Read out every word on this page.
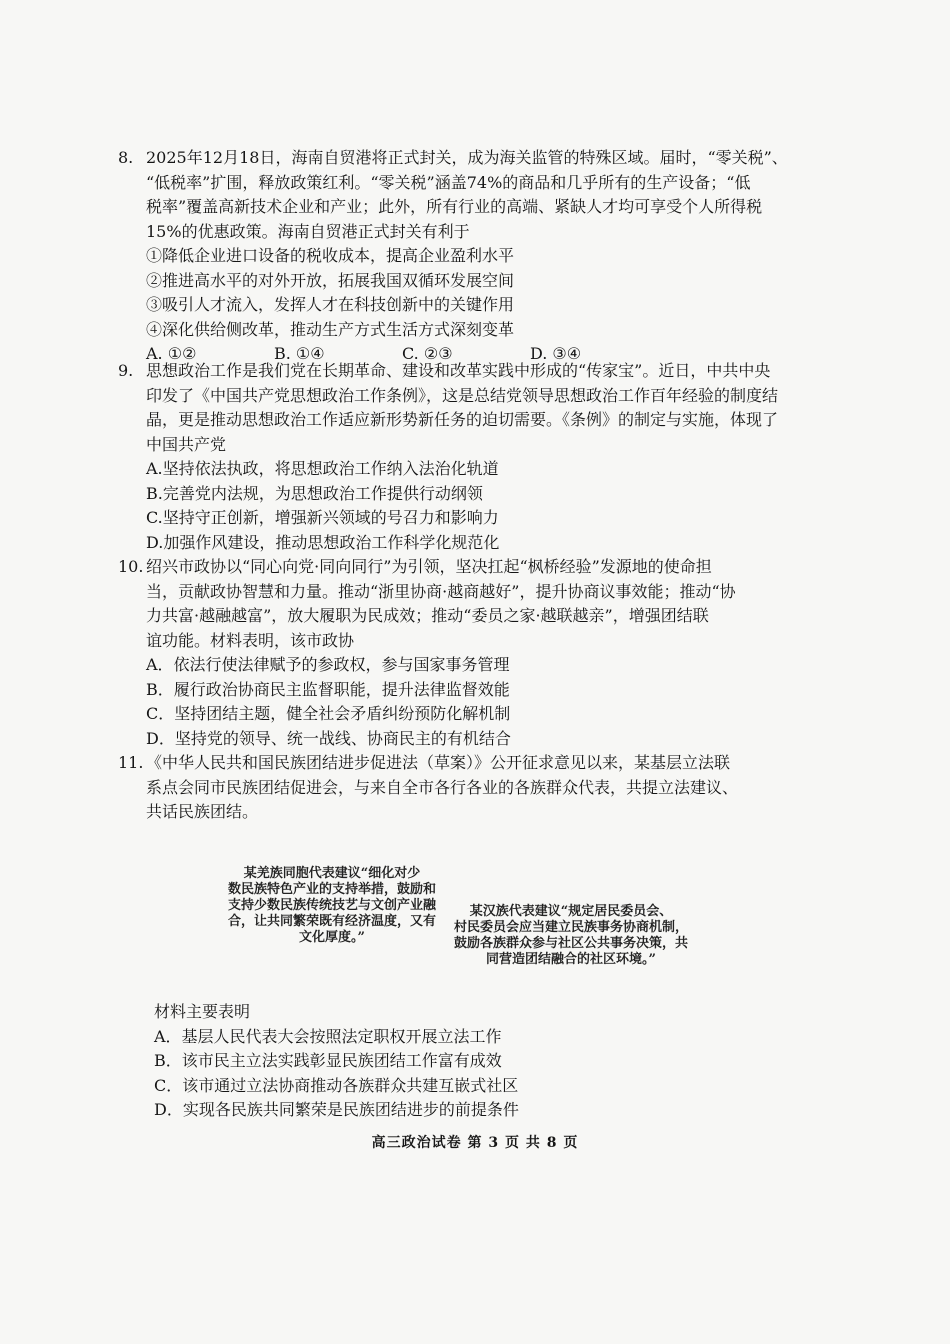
8. 2025年12月18日，海南自贸港将正式封关，成为海关监管的特殊区域。届时，“零关税”、
“低税率”扩围，释放政策红利。“零关税”涵盖74%的商品和几乎所有的生产设备；“低
税率”覆盖高新技术企业和产业；此外，所有行业的高端、紧缺人才均可享受个人所得税
15%的优惠政策。海南自贸港正式封关有利于
①降低企业进口设备的税收成本，提高企业盈利水平
②推进高水平的对外开放，拓展我国双循环发展空间
③吸引人才流入，发挥人才在科技创新中的关键作用
④深化供给侧改革，推动生产方式生活方式深刻变革
A. ①②	B. ①④	C. ②③	D. ③④
9. 思想政治工作是我们党在长期革命、建设和改革实践中形成的“传家宝”。近日，中共中央
印发了《中国共产党思想政治工作条例》，这是总结党领导思想政治工作百年经验的制度结
晶，更是推动思想政治工作适应新形势新任务的迫切需要。《条例》的制定与实施，体现了
中国共产党
A.坚持依法执政，将思想政治工作纳入法治化轨道
B.完善党内法规，为思想政治工作提供行动纲领
C.坚持守正创新，增强新兴领域的号召力和影响力
D.加强作风建设，推动思想政治工作科学化规范化
10. 绍兴市政协以“同心向党·同向同行”为引领，坚决扛起“枫桥经验”发源地的使命担
当，贡献政协智慧和力量。推动“浙里协商·越商越好”，提升协商议事效能；推动“协
力共富·越融越富”，放大履职为民成效；推动“委员之家·越联越亲”，增强团结联
谊功能。材料表明，该市政协
A．依法行使法律赋予的参政权，参与国家事务管理
B．履行政治协商民主监督职能，提升法律监督效能
C．坚持团结主题，健全社会矛盾纠纷预防化解机制
D．坚持党的领导、统一战线、协商民主的有机结合
11. 《中华人民共和国民族团结进步促进法（草案）》公开征求意见以来，某基层立法联
系点会同市民族团结促进会，与来自全市各行各业的各族群众代表，共提立法建议、
共话民族团结。
某羌族同胞代表建议“细化对少
数民族特色产业的支持举措，鼓励和
支持少数民族传统技艺与文创产业融
合，让共同繁荣既有经济温度，又有
文化厚度。”
某汉族代表建议“规定居民委员会、
村民委员会应当建立民族事务协商机制，
鼓励各族群众参与社区公共事务决策，共
同营造团结融合的社区环境。”
材料主要表明
A．基层人民代表大会按照法定职权开展立法工作
B．该市民主立法实践彰显民族团结工作富有成效
C．该市通过立法协商推动各族群众共建互嵌式社区
D．实现各民族共同繁荣是民族团结进步的前提条件
高三政治试卷 第 3 页 共 8 页
